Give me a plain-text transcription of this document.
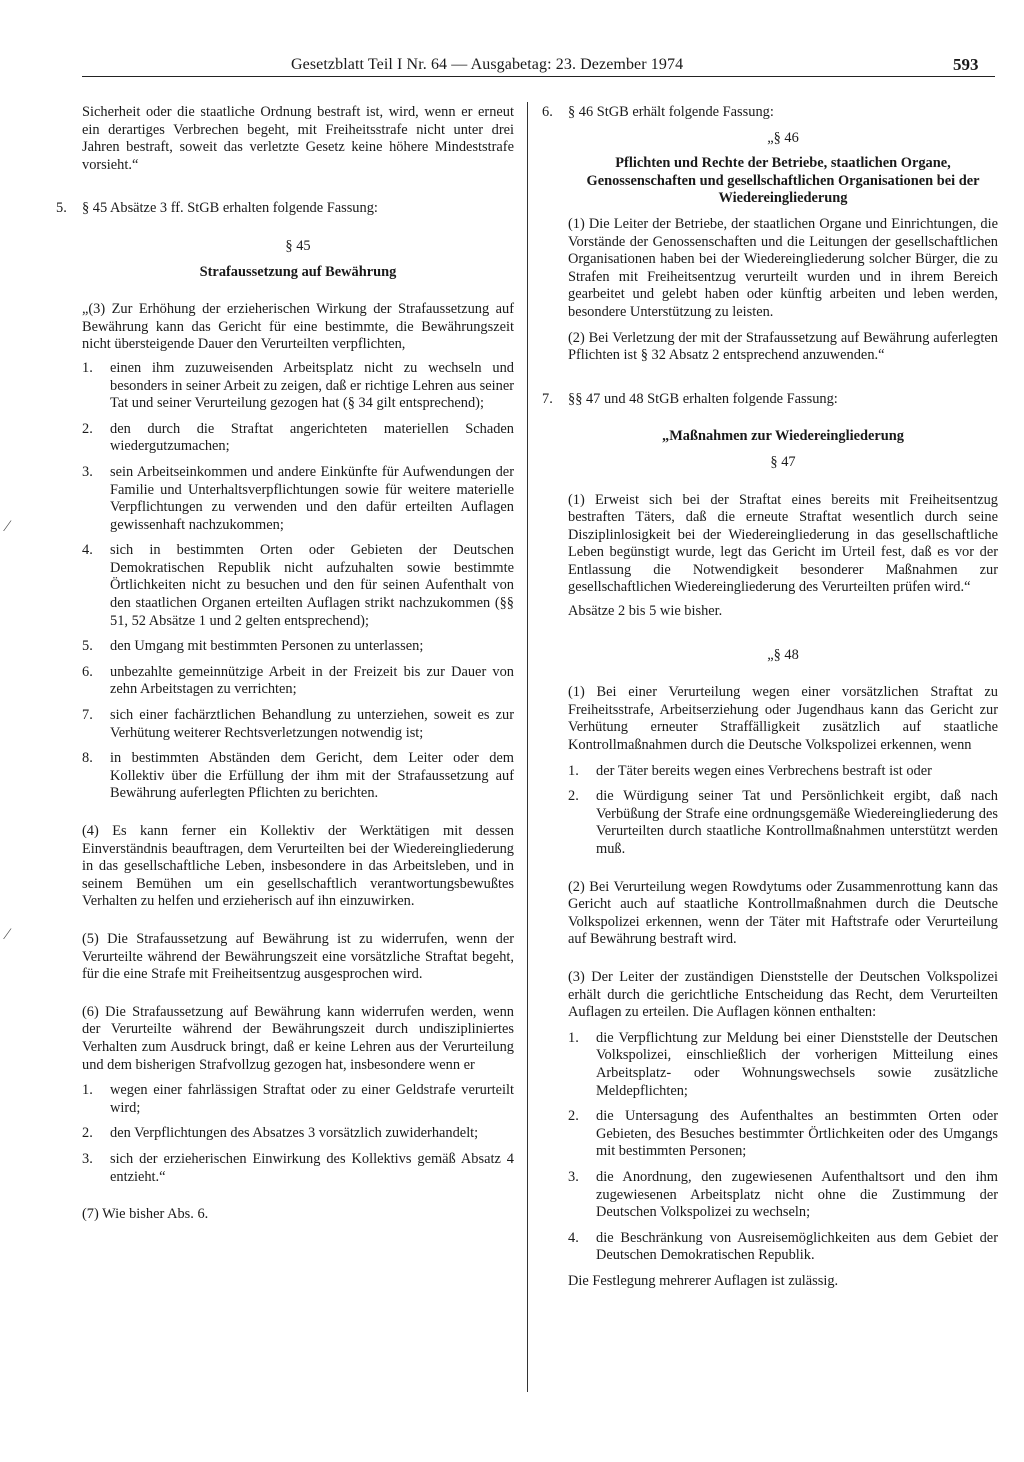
Gesetzblatt Teil I Nr. 64 — Ausgabetag: 23. Dezember 1974	593
⁄
⁄

Sicherheit oder die staatliche Ordnung bestraft ist, wird, wenn er erneut ein derartiges Verbrechen begeht, mit Freiheitsstrafe nicht unter drei Jahren bestraft, soweit das verletzte Gesetz keine höhere Mindeststrafe vorsieht.“

5. § 45 Absätze 3 ff. StGB erhalten folgende Fassung:

§ 45

Strafaussetzung auf Bewährung

„(3) Zur Erhöhung der erzieherischen Wirkung der Strafaussetzung auf Bewährung kann das Gericht für eine bestimmte, die Bewährungszeit nicht übersteigende Dauer den Verurteilten verpflichten,

1. einen ihm zuzuweisenden Arbeitsplatz nicht zu wechseln und besonders in seiner Arbeit zu zeigen, daß er richtige Lehren aus seiner Tat und seiner Verurteilung gezogen hat (§ 34 gilt entsprechend);

2. den durch die Straftat angerichteten materiellen Schaden wiedergutzumachen;

3. sein Arbeitseinkommen und andere Einkünfte für Aufwendungen der Familie und Unterhaltsverpflichtungen sowie für weitere materielle Verpflichtungen zu verwenden und den dafür erteilten Auflagen gewissenhaft nachzukommen;

4. sich in bestimmten Orten oder Gebieten der Deutschen Demokratischen Republik nicht aufzuhalten sowie bestimmte Örtlichkeiten nicht zu besuchen und den für seinen Aufenthalt von den staatlichen Organen erteilten Auflagen strikt nachzukommen (§§ 51, 52 Absätze 1 und 2 gelten entsprechend);

5. den Umgang mit bestimmten Personen zu unterlassen;

6. unbezahlte gemeinnützige Arbeit in der Freizeit bis zur Dauer von zehn Arbeitstagen zu verrichten;

7. sich einer fachärztlichen Behandlung zu unterziehen, soweit es zur Verhütung weiterer Rechtsverletzungen notwendig ist;

8. in bestimmten Abständen dem Gericht, dem Leiter oder dem Kollektiv über die Erfüllung der ihm mit der Strafaussetzung auf Bewährung auferlegten Pflichten zu berichten.

(4) Es kann ferner ein Kollektiv der Werktätigen mit dessen Einverständnis beauftragen, dem Verurteilten bei der Wiedereingliederung in das gesellschaftliche Leben, insbesondere in das Arbeitsleben, und in seinem Bemühen um ein gesellschaftlich verantwortungsbewußtes Verhalten zu helfen und erzieherisch auf ihn einzuwirken.

(5) Die Strafaussetzung auf Bewährung ist zu widerrufen, wenn der Verurteilte während der Bewährungszeit eine vorsätzliche Straftat begeht, für die eine Strafe mit Freiheitsentzug ausgesprochen wird.

(6) Die Strafaussetzung auf Bewährung kann widerrufen werden, wenn der Verurteilte während der Bewährungszeit durch undiszipliniertes Verhalten zum Ausdruck bringt, daß er keine Lehren aus der Verurteilung und dem bisherigen Strafvollzug gezogen hat, insbesondere wenn er

1. wegen einer fahrlässigen Straftat oder zu einer Geldstrafe verurteilt wird;

2. den Verpflichtungen des Absatzes 3 vorsätzlich zuwiderhandelt;

3. sich der erzieherischen Einwirkung des Kollektivs gemäß Absatz 4 entzieht.“

(7) Wie bisher Abs. 6.

6. § 46 StGB erhält folgende Fassung:

„§ 46

Pflichten und Rechte der Betriebe, staatlichen Organe, Genossenschaften und gesellschaftlichen Organisationen bei der Wiedereingliederung

(1) Die Leiter der Betriebe, der staatlichen Organe und Einrichtungen, die Vorstände der Genossenschaften und die Leitungen der gesellschaftlichen Organisationen haben bei der Wiedereingliederung solcher Bürger, die zu Strafen mit Freiheitsentzug verurteilt wurden und in ihrem Bereich gearbeitet und gelebt haben oder künftig arbeiten und leben werden, besondere Unterstützung zu leisten.

(2) Bei Verletzung der mit der Strafaussetzung auf Bewährung auferlegten Pflichten ist § 32 Absatz 2 entsprechend anzuwenden.“

7. §§ 47 und 48 StGB erhalten folgende Fassung:

„Maßnahmen zur Wiedereingliederung

§ 47

(1) Erweist sich bei der Straftat eines bereits mit Freiheitsentzug bestraften Täters, daß die erneute Straftat wesentlich durch seine Disziplinlosigkeit bei der Wiedereingliederung in das gesellschaftliche Leben begünstigt wurde, legt das Gericht im Urteil fest, daß es vor der Entlassung die Notwendigkeit besonderer Maßnahmen zur gesellschaftlichen Wiedereingliederung des Verurteilten prüfen wird.“

Absätze 2 bis 5 wie bisher.

„§ 48

(1) Bei einer Verurteilung wegen einer vorsätzlichen Straftat zu Freiheitsstrafe, Arbeitserziehung oder Jugendhaus kann das Gericht zur Verhütung erneuter Straffälligkeit zusätzlich auf staatliche Kontrollmaßnahmen durch die Deutsche Volkspolizei erkennen, wenn

1. der Täter bereits wegen eines Verbrechens bestraft ist oder

2. die Würdigung seiner Tat und Persönlichkeit ergibt, daß nach Verbüßung der Strafe eine ordnungsgemäße Wiedereingliederung des Verurteilten durch staatliche Kontrollmaßnahmen unterstützt werden muß.

(2) Bei Verurteilung wegen Rowdytums oder Zusammenrottung kann das Gericht auch auf staatliche Kontrollmaßnahmen durch die Deutsche Volkspolizei erkennen, wenn der Täter mit Haftstrafe oder Verurteilung auf Bewährung bestraft wird.

(3) Der Leiter der zuständigen Dienststelle der Deutschen Volkspolizei erhält durch die gerichtliche Entscheidung das Recht, dem Verurteilten Auflagen zu erteilen. Die Auflagen können enthalten:

1. die Verpflichtung zur Meldung bei einer Dienststelle der Deutschen Volkspolizei, einschließlich der vorherigen Mitteilung eines Arbeitsplatz- oder Wohnungswechsels sowie zusätzliche Meldepflichten;

2. die Untersagung des Aufenthaltes an bestimmten Orten oder Gebieten, des Besuches bestimmter Örtlichkeiten oder des Umgangs mit bestimmten Personen;

3. die Anordnung, den zugewiesenen Aufenthaltsort und den ihm zugewiesenen Arbeitsplatz nicht ohne die Zustimmung der Deutschen Volkspolizei zu wechseln;

4. die Beschränkung von Ausreisemöglichkeiten aus dem Gebiet der Deutschen Demokratischen Republik.

Die Festlegung mehrerer Auflagen ist zulässig.
